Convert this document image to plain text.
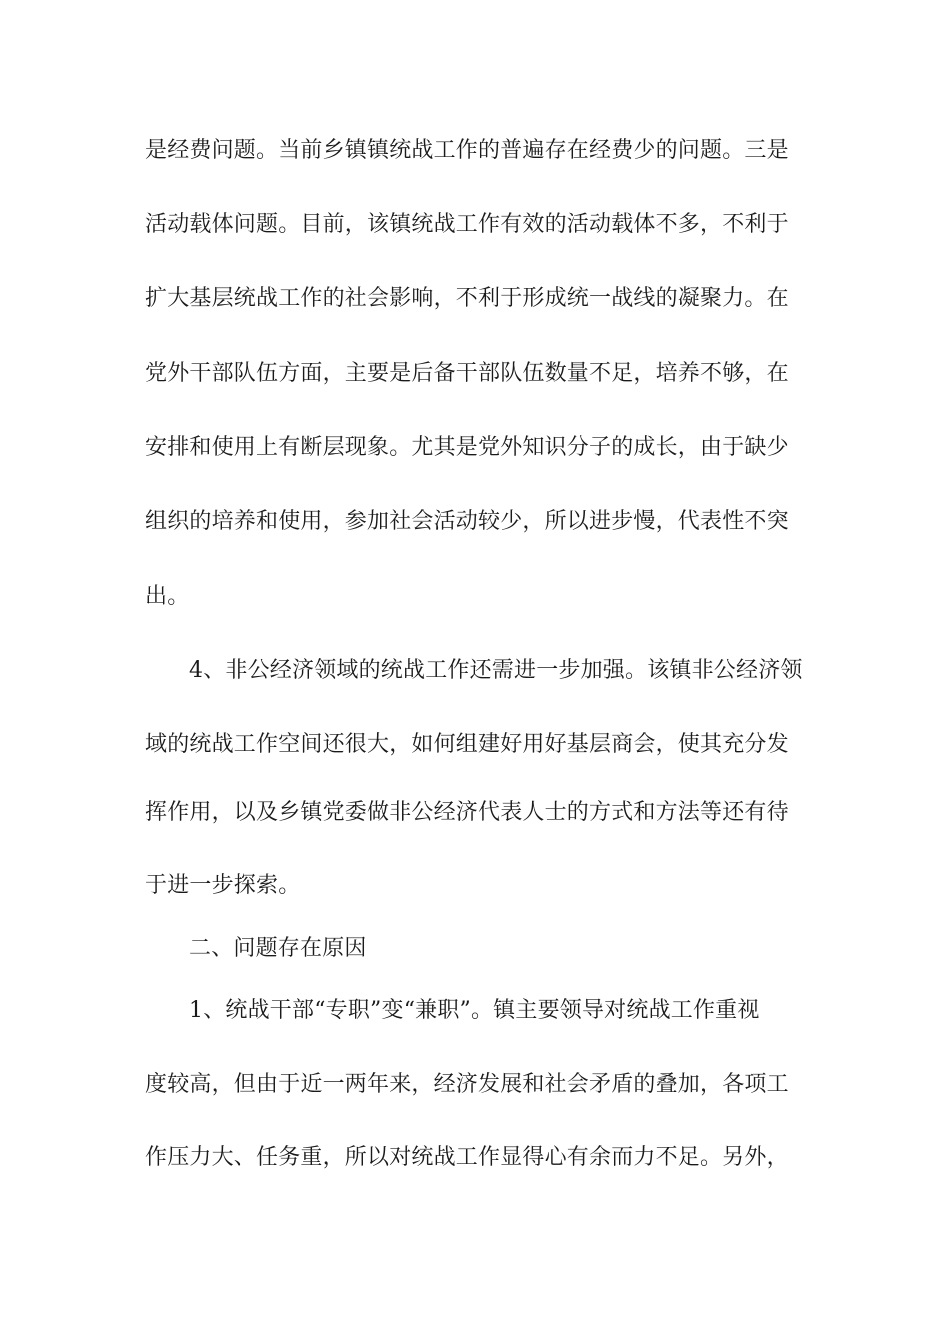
是经费问题。当前乡镇镇统战工作的普遍存在经费少的问题。三是
活动载体问题。目前，该镇统战工作有效的活动载体不多，不利于
扩大基层统战工作的社会影响，不利于形成统一战线的凝聚力。在
党外干部队伍方面，主要是后备干部队伍数量不足，培养不够，在
安排和使用上有断层现象。尤其是党外知识分子的成长，由于缺少
组织的培养和使用，参加社会活动较少，所以进步慢，代表性不突
出。
4、非公经济领域的统战工作还需进一步加强。该镇非公经济领
域的统战工作空间还很大，如何组建好用好基层商会，使其充分发
挥作用，以及乡镇党委做非公经济代表人士的方式和方法等还有待
于进一步探索。
二、问题存在原因
1、统战干部“专职”变“兼职”。镇主要领导对统战工作重视
度较高，但由于近一两年来，经济发展和社会矛盾的叠加，各项工
作压力大、任务重，所以对统战工作显得心有余而力不足。另外，
